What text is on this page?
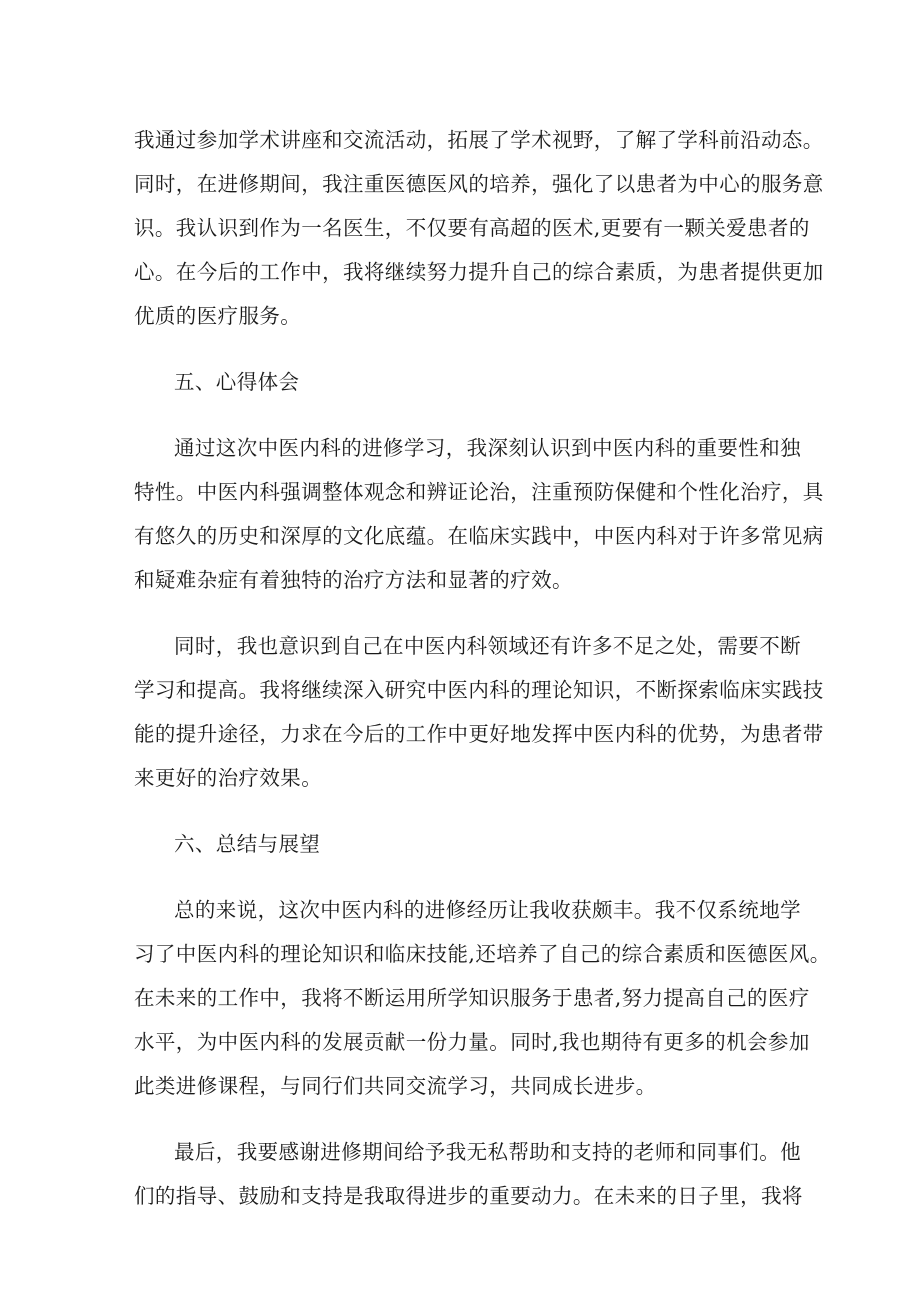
我通过参加学术讲座和交流活动，拓展了学术视野，了解了学科前沿动态。
同时，在进修期间，我注重医德医风的培养，强化了以患者为中心的服务意
识。我认识到作为一名医生，不仅要有高超的医术,更要有一颗关爱患者的
心。在今后的工作中，我将继续努力提升自己的综合素质，为患者提供更加
优质的医疗服务。
五、心得体会
通过这次中医内科的进修学习，我深刻认识到中医内科的重要性和独
特性。中医内科强调整体观念和辨证论治，注重预防保健和个性化治疗，具
有悠久的历史和深厚的文化底蕴。在临床实践中，中医内科对于许多常见病
和疑难杂症有着独特的治疗方法和显著的疗效。
同时，我也意识到自己在中医内科领域还有许多不足之处，需要不断
学习和提高。我将继续深入研究中医内科的理论知识，不断探索临床实践技
能的提升途径，力求在今后的工作中更好地发挥中医内科的优势，为患者带
来更好的治疗效果。
六、总结与展望
总的来说，这次中医内科的进修经历让我收获颇丰。我不仅系统地学
习了中医内科的理论知识和临床技能,还培养了自己的综合素质和医德医风。
在未来的工作中，我将不断运用所学知识服务于患者,努力提高自己的医疗
水平，为中医内科的发展贡献一份力量。同时,我也期待有更多的机会参加
此类进修课程，与同行们共同交流学习，共同成长进步。
最后，我要感谢进修期间给予我无私帮助和支持的老师和同事们。他
们的指导、鼓励和支持是我取得进步的重要动力。在未来的日子里，我将
